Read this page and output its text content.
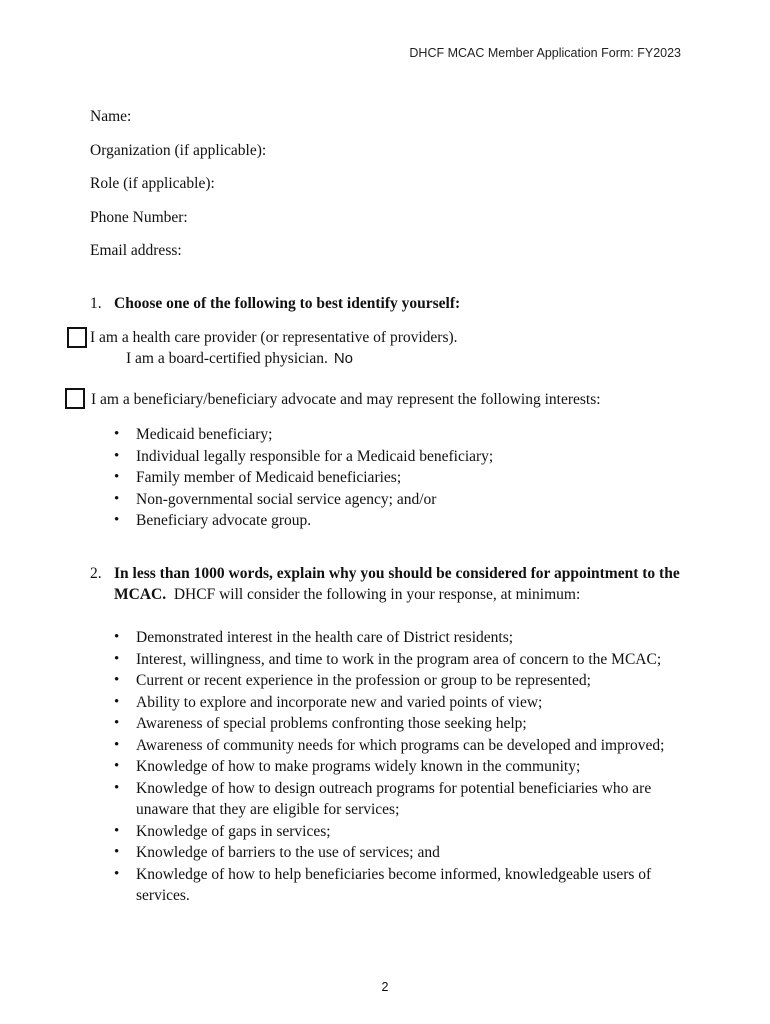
DHCF MCAC Member Application Form: FY2023
Name:
Organization (if applicable):
Role (if applicable):
Phone Number:
Email address:
1. Choose one of the following to best identify yourself:
I am a health care provider (or representative of providers).
I am a board-certified physician. No
I am a beneficiary/beneficiary advocate and may represent the following interests:
• Medicaid beneficiary;
• Individual legally responsible for a Medicaid beneficiary;
• Family member of Medicaid beneficiaries;
• Non-governmental social service agency; and/or
• Beneficiary advocate group.
2. In less than 1000 words, explain why you should be considered for appointment to the
MCAC. DHCF will consider the following in your response, at minimum:
• Demonstrated interest in the health care of District residents;
• Interest, willingness, and time to work in the program area of concern to the MCAC;
• Current or recent experience in the profession or group to be represented;
• Ability to explore and incorporate new and varied points of view;
• Awareness of special problems confronting those seeking help;
• Awareness of community needs for which programs can be developed and improved;
• Knowledge of how to make programs widely known in the community;
• Knowledge of how to design outreach programs for potential beneficiaries who are unaware that they are eligible for services;
• Knowledge of gaps in services;
• Knowledge of barriers to the use of services; and
• Knowledge of how to help beneficiaries become informed, knowledgeable users of services.
2
